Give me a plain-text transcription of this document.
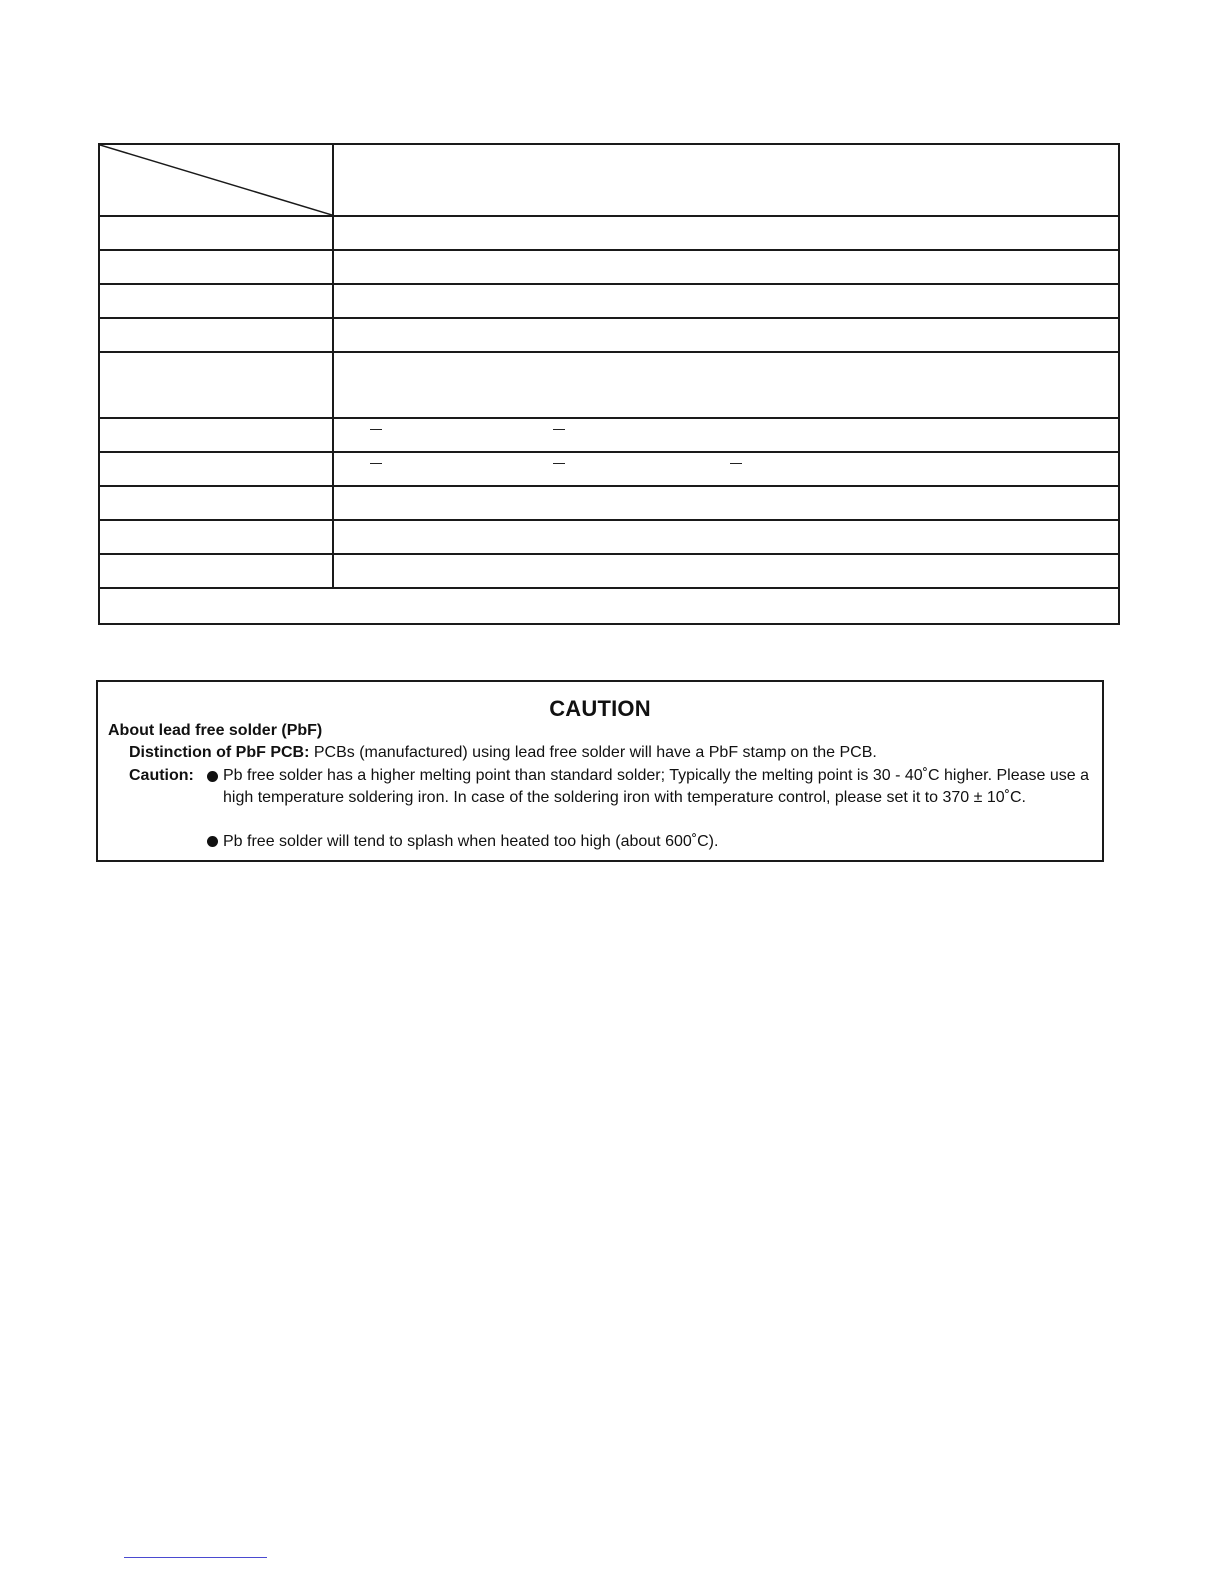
CAUTION
About lead free solder (PbF)
Distinction of PbF PCB: PCBs (manufactured) using lead free solder will have a PbF stamp on the PCB.
Caution: Pb free solder has a higher melting point than standard solder; Typically the melting point is 30 - 40˚C higher. Please use a high temperature soldering iron. In case of the soldering iron with temperature control, please set it to 370 ± 10˚C.
Pb free solder will tend to splash when heated too high (about 600˚C).
